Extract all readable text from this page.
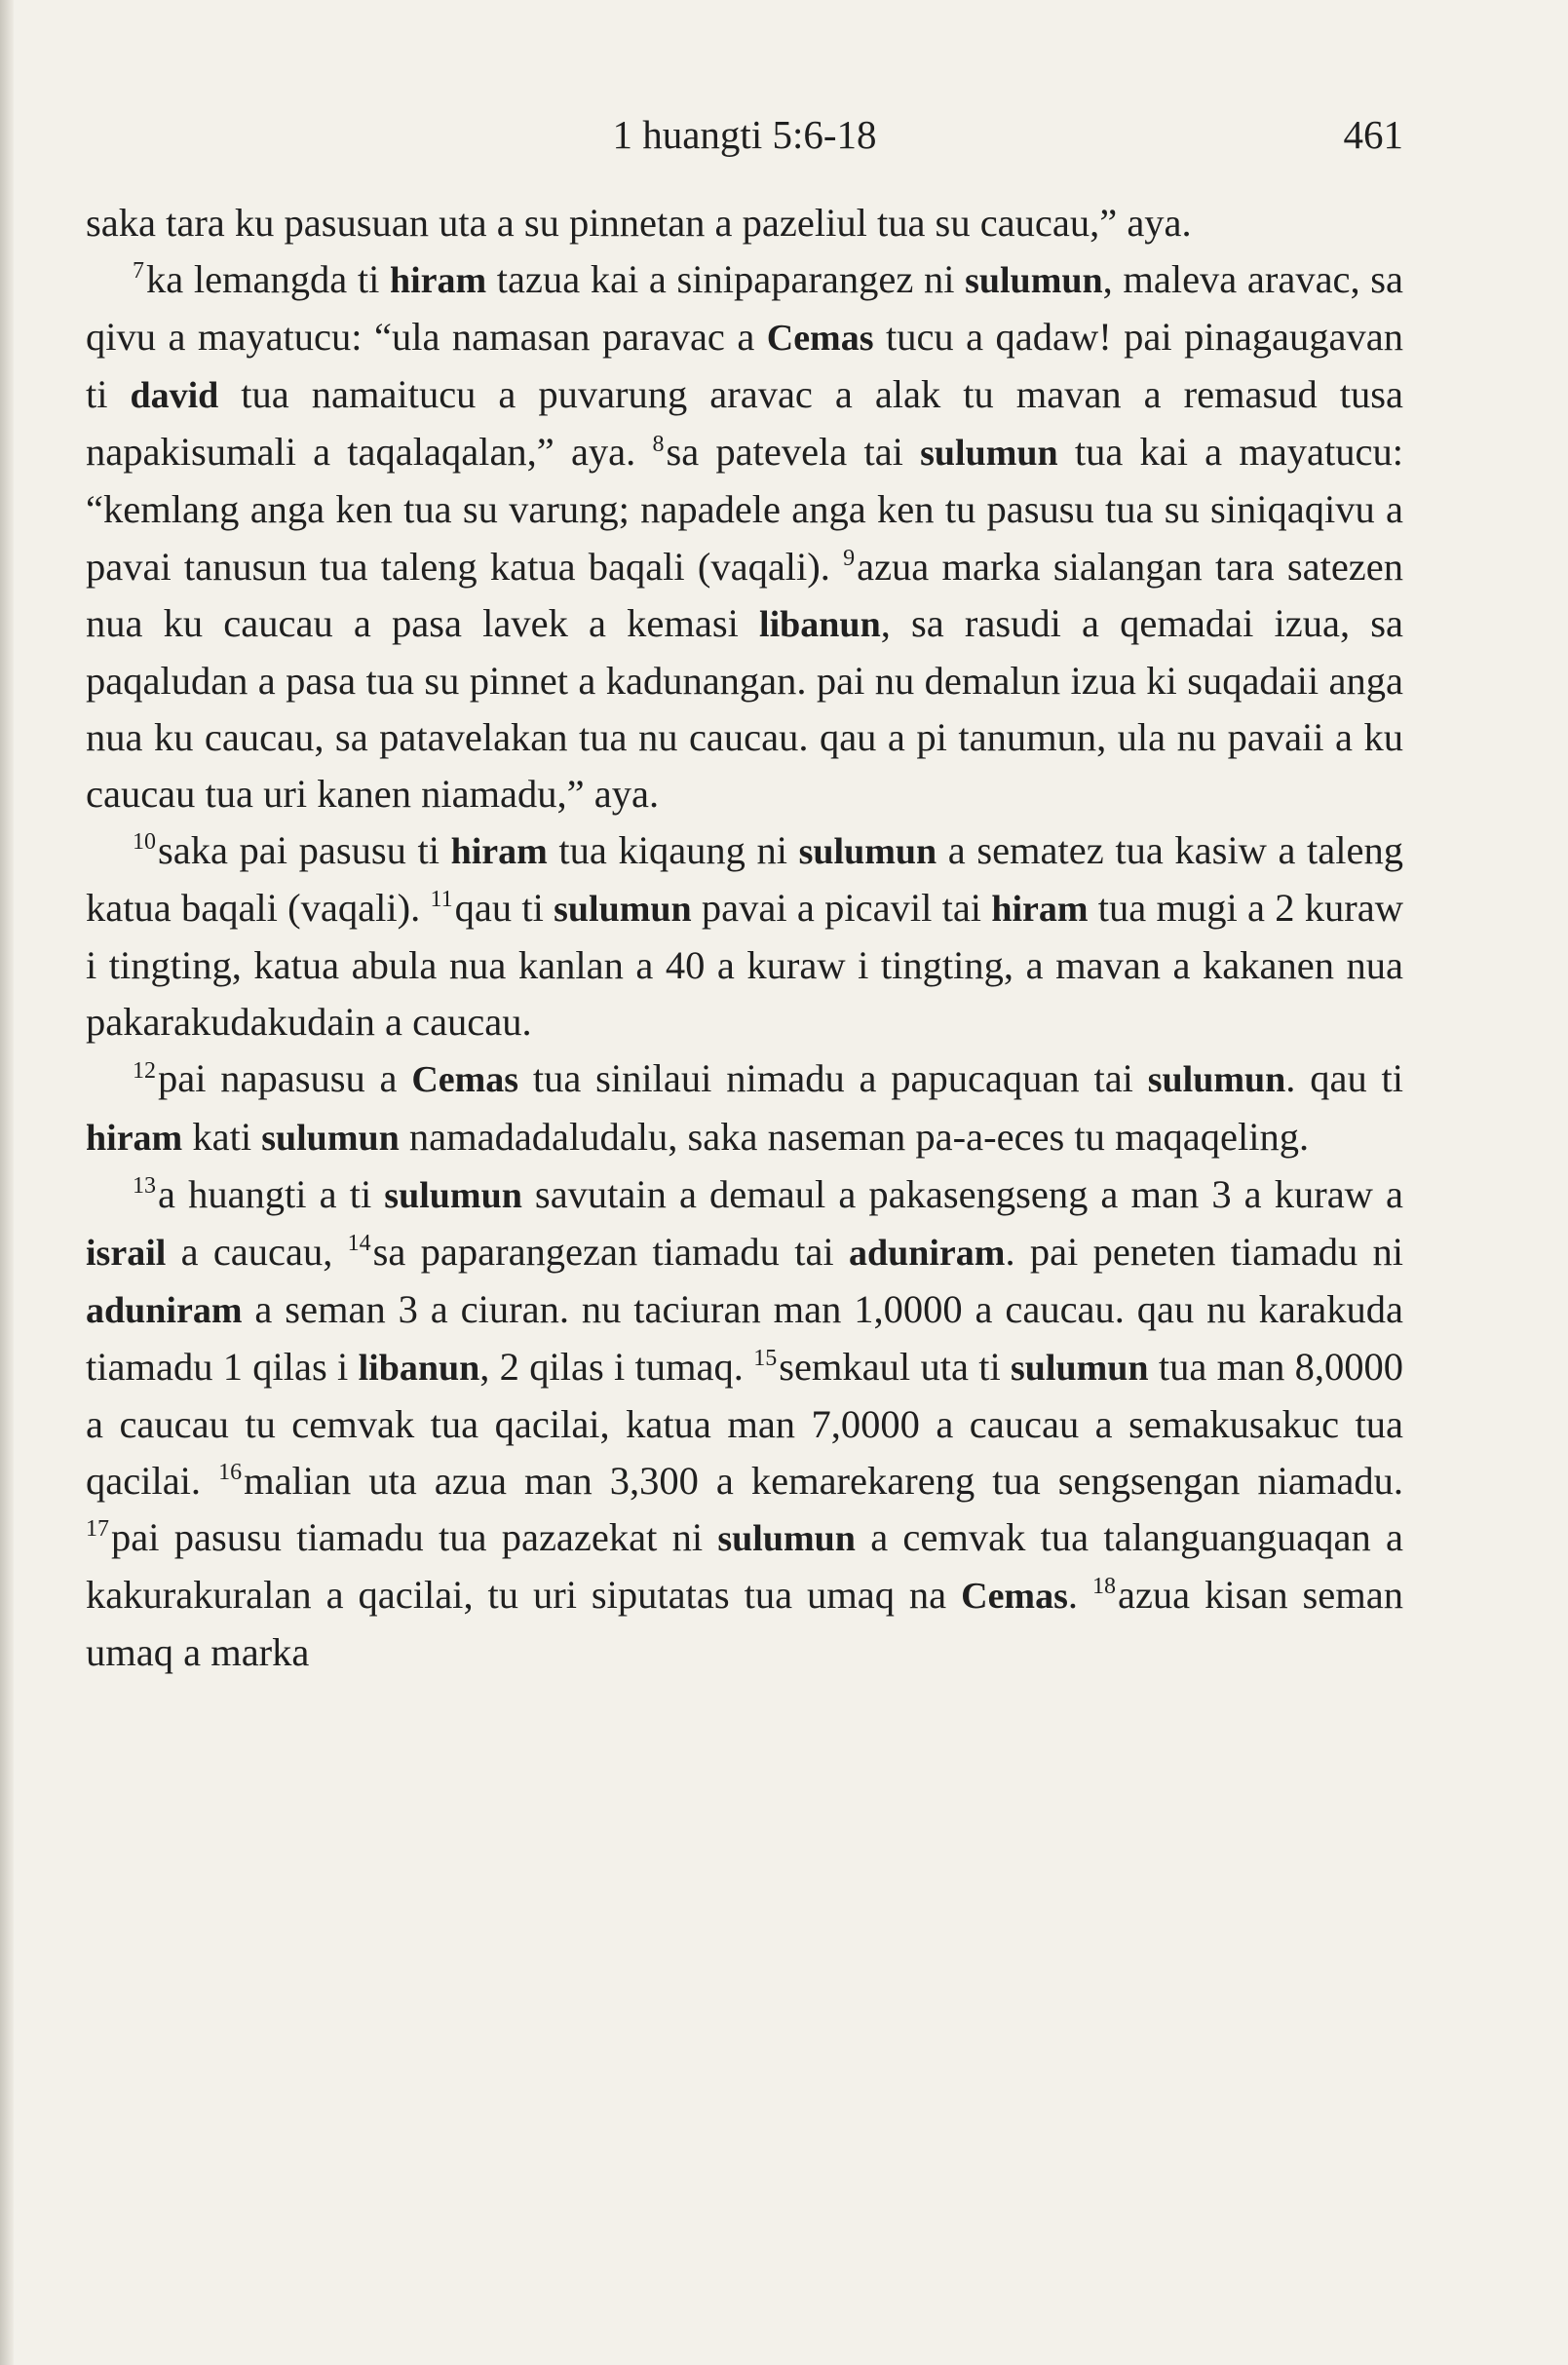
1 huangti 5:6-18	461

saka tara ku pasusuan uta a su pinnetan a pazeliul tua su caucau,” aya.

$^7$ka lemangda ti hiram tazua kai a sinipaparangez ni sulumun, maleva aravac, sa qivu a mayatucu: “ula namasan paravac a Cemas tucu a qadaw! pai pinagaugavan ti david tua namaitucu a puvarung aravac a alak tu mavan a remasud tusa napakisumali a taqalaqalan,” aya. $^8$sa patevela tai sulumun tua kai a mayatucu: “kemlang anga ken tua su varung; napadele anga ken tu pasusu tua su siniqaqivu a pavai tanusun tua taleng katua baqali (vaqali). $^9$azua marka sialangan tara satezen nua ku caucau a pasa lavek a kemasi libanun, sa rasudi a qemadai izua, sa paqaludan a pasa tua su pinnet a kadunangan. pai nu demalun izua ki suqadaii anga nua ku caucau, sa patavelakan tua nu caucau. qau a pi tanumun, ula nu pavaii a ku caucau tua uri kanen niamadu,” aya.

$^{10}$saka pai pasusu ti hiram tua kiqaung ni sulumun a sematez tua kasiw a taleng katua baqali (vaqali). $^{11}$qau ti sulumun pavai a picavil tai hiram tua mugi a 2 kuraw i tingting, katua abula nua kanlan a 40 a kuraw i tingting, a mavan a kakanen nua pakarakudakudain a caucau.

$^{12}$pai napasusu a Cemas tua sinilaui nimadu a papucaquan tai sulumun. qau ti hiram kati sulumun namadadaludalu, saka naseman pa-a-eces tu maqaqeling.

$^{13}$a huangti a ti sulumun savutain a demaul a pakasengseng a man 3 a kuraw a israil a caucau, $^{14}$sa paparangezan tiamadu tai aduniram. pai peneten tiamadu ni aduniram a seman 3 a ciuran. nu taciuran man 1,0000 a caucau. qau nu karakuda tiamadu 1 qilas i libanun, 2 qilas i tumaq. $^{15}$semkaul uta ti sulumun tua man 8,0000 a caucau tu cemvak tua qacilai, katua man 7,0000 a caucau a semakusakuc tua qacilai. $^{16}$malian uta azua man 3,300 a kemarekareng tua sengsengan niamadu. $^{17}$pai pasusu tiamadu tua pazazekat ni sulumun a cemvak tua talanguanguaqan a kakurakuralan a qacilai, tu uri siputatas tua umaq na Cemas. $^{18}$azua kisan seman umaq a marka
